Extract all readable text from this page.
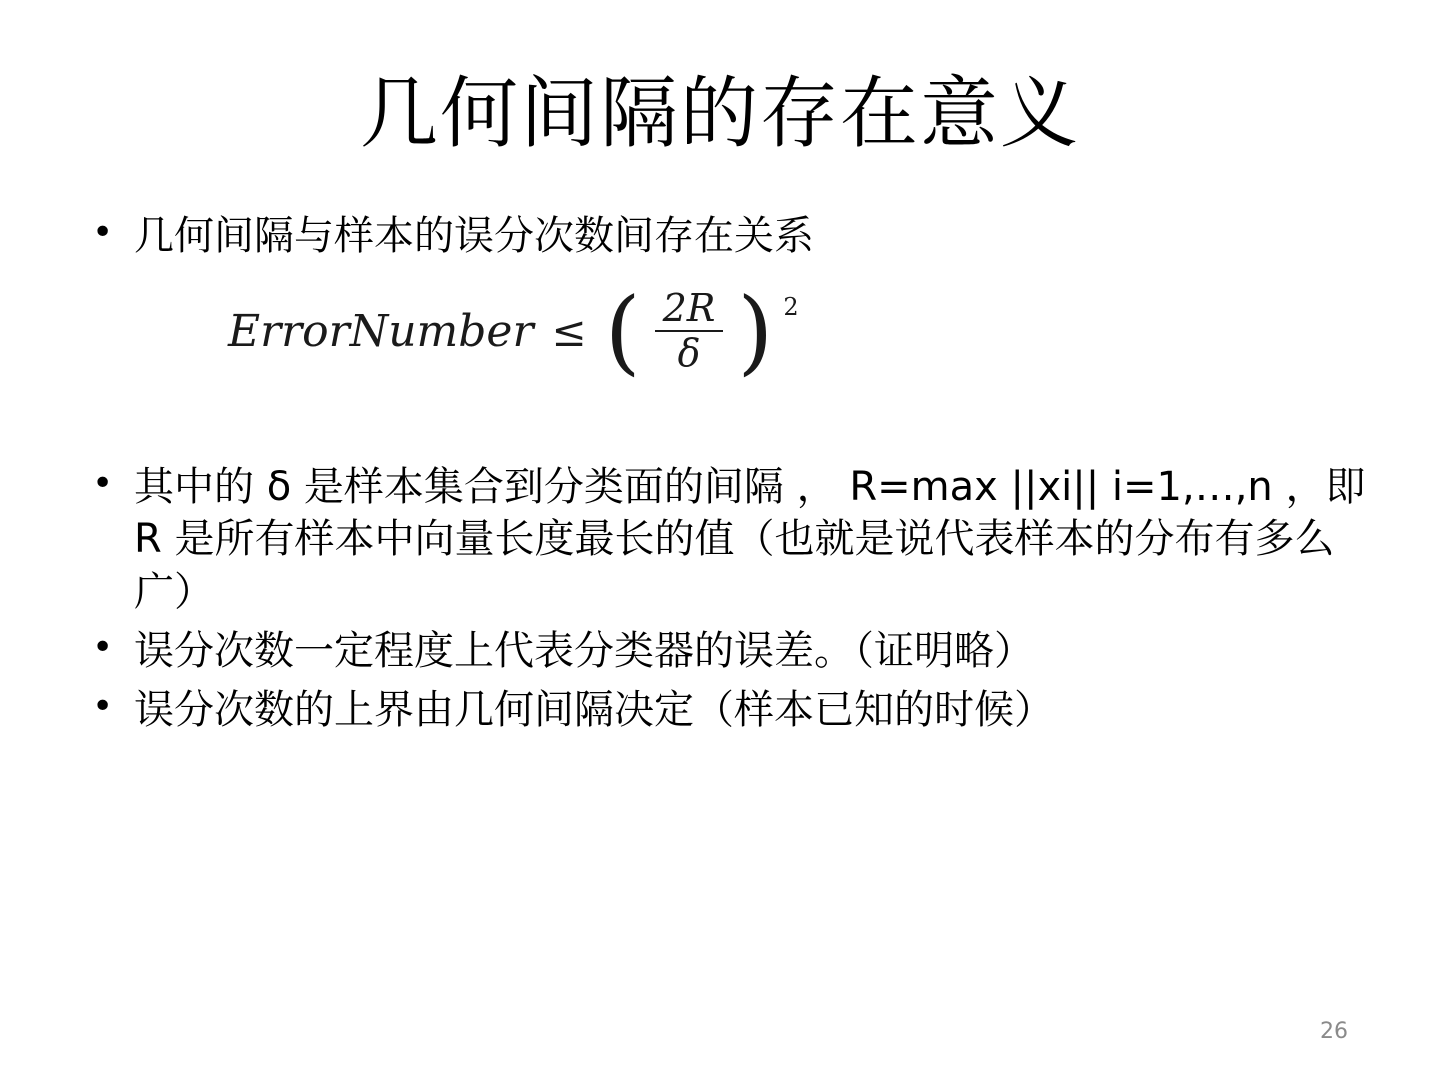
几何间隔的存在意义
• 几何间隔与样本的误分次数间存在关系
ErrorNumber ≤ ( $\frac{2R}{\delta}$ ) 2
• 其中的 δ 是样本集合到分类面的间隔 ， R=max ||xi|| i=1,…,n ，即 R 是所有样本中向量长度最长的值（也就是说代表样本的分布有多么广）
• 误分次数一定程度上代表分类器的误差。（证明略）
• 误分次数的上界由几何间隔决定（样本已知的时候）
26
